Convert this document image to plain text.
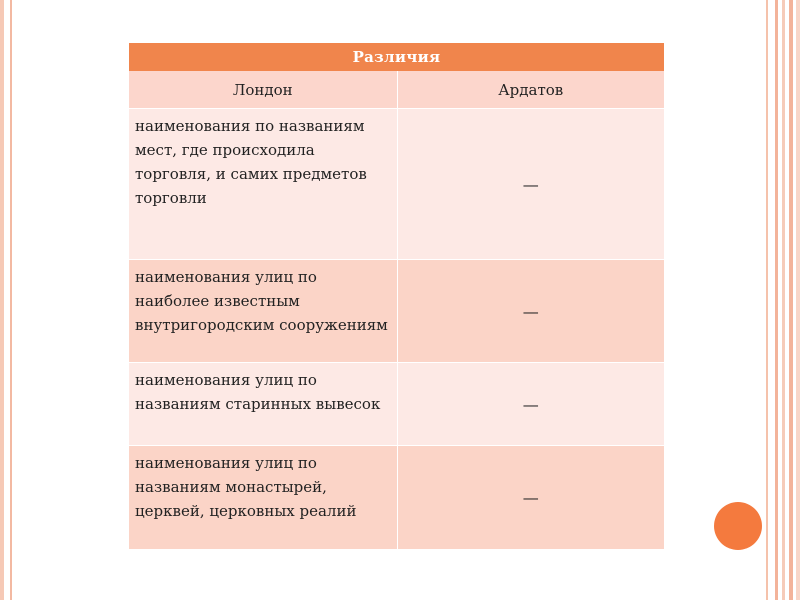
Различия	
Лондон	Ардатов
наименования по названиям мест, где происходила торговля, и самих предметов торговли	—
наименования улиц по наиболее известным внутригородским сооружениям	—
наименования улиц по названиям старинных вывесок	—
наименования улиц по названиям монастырей, церквей, церковных реалий	—
